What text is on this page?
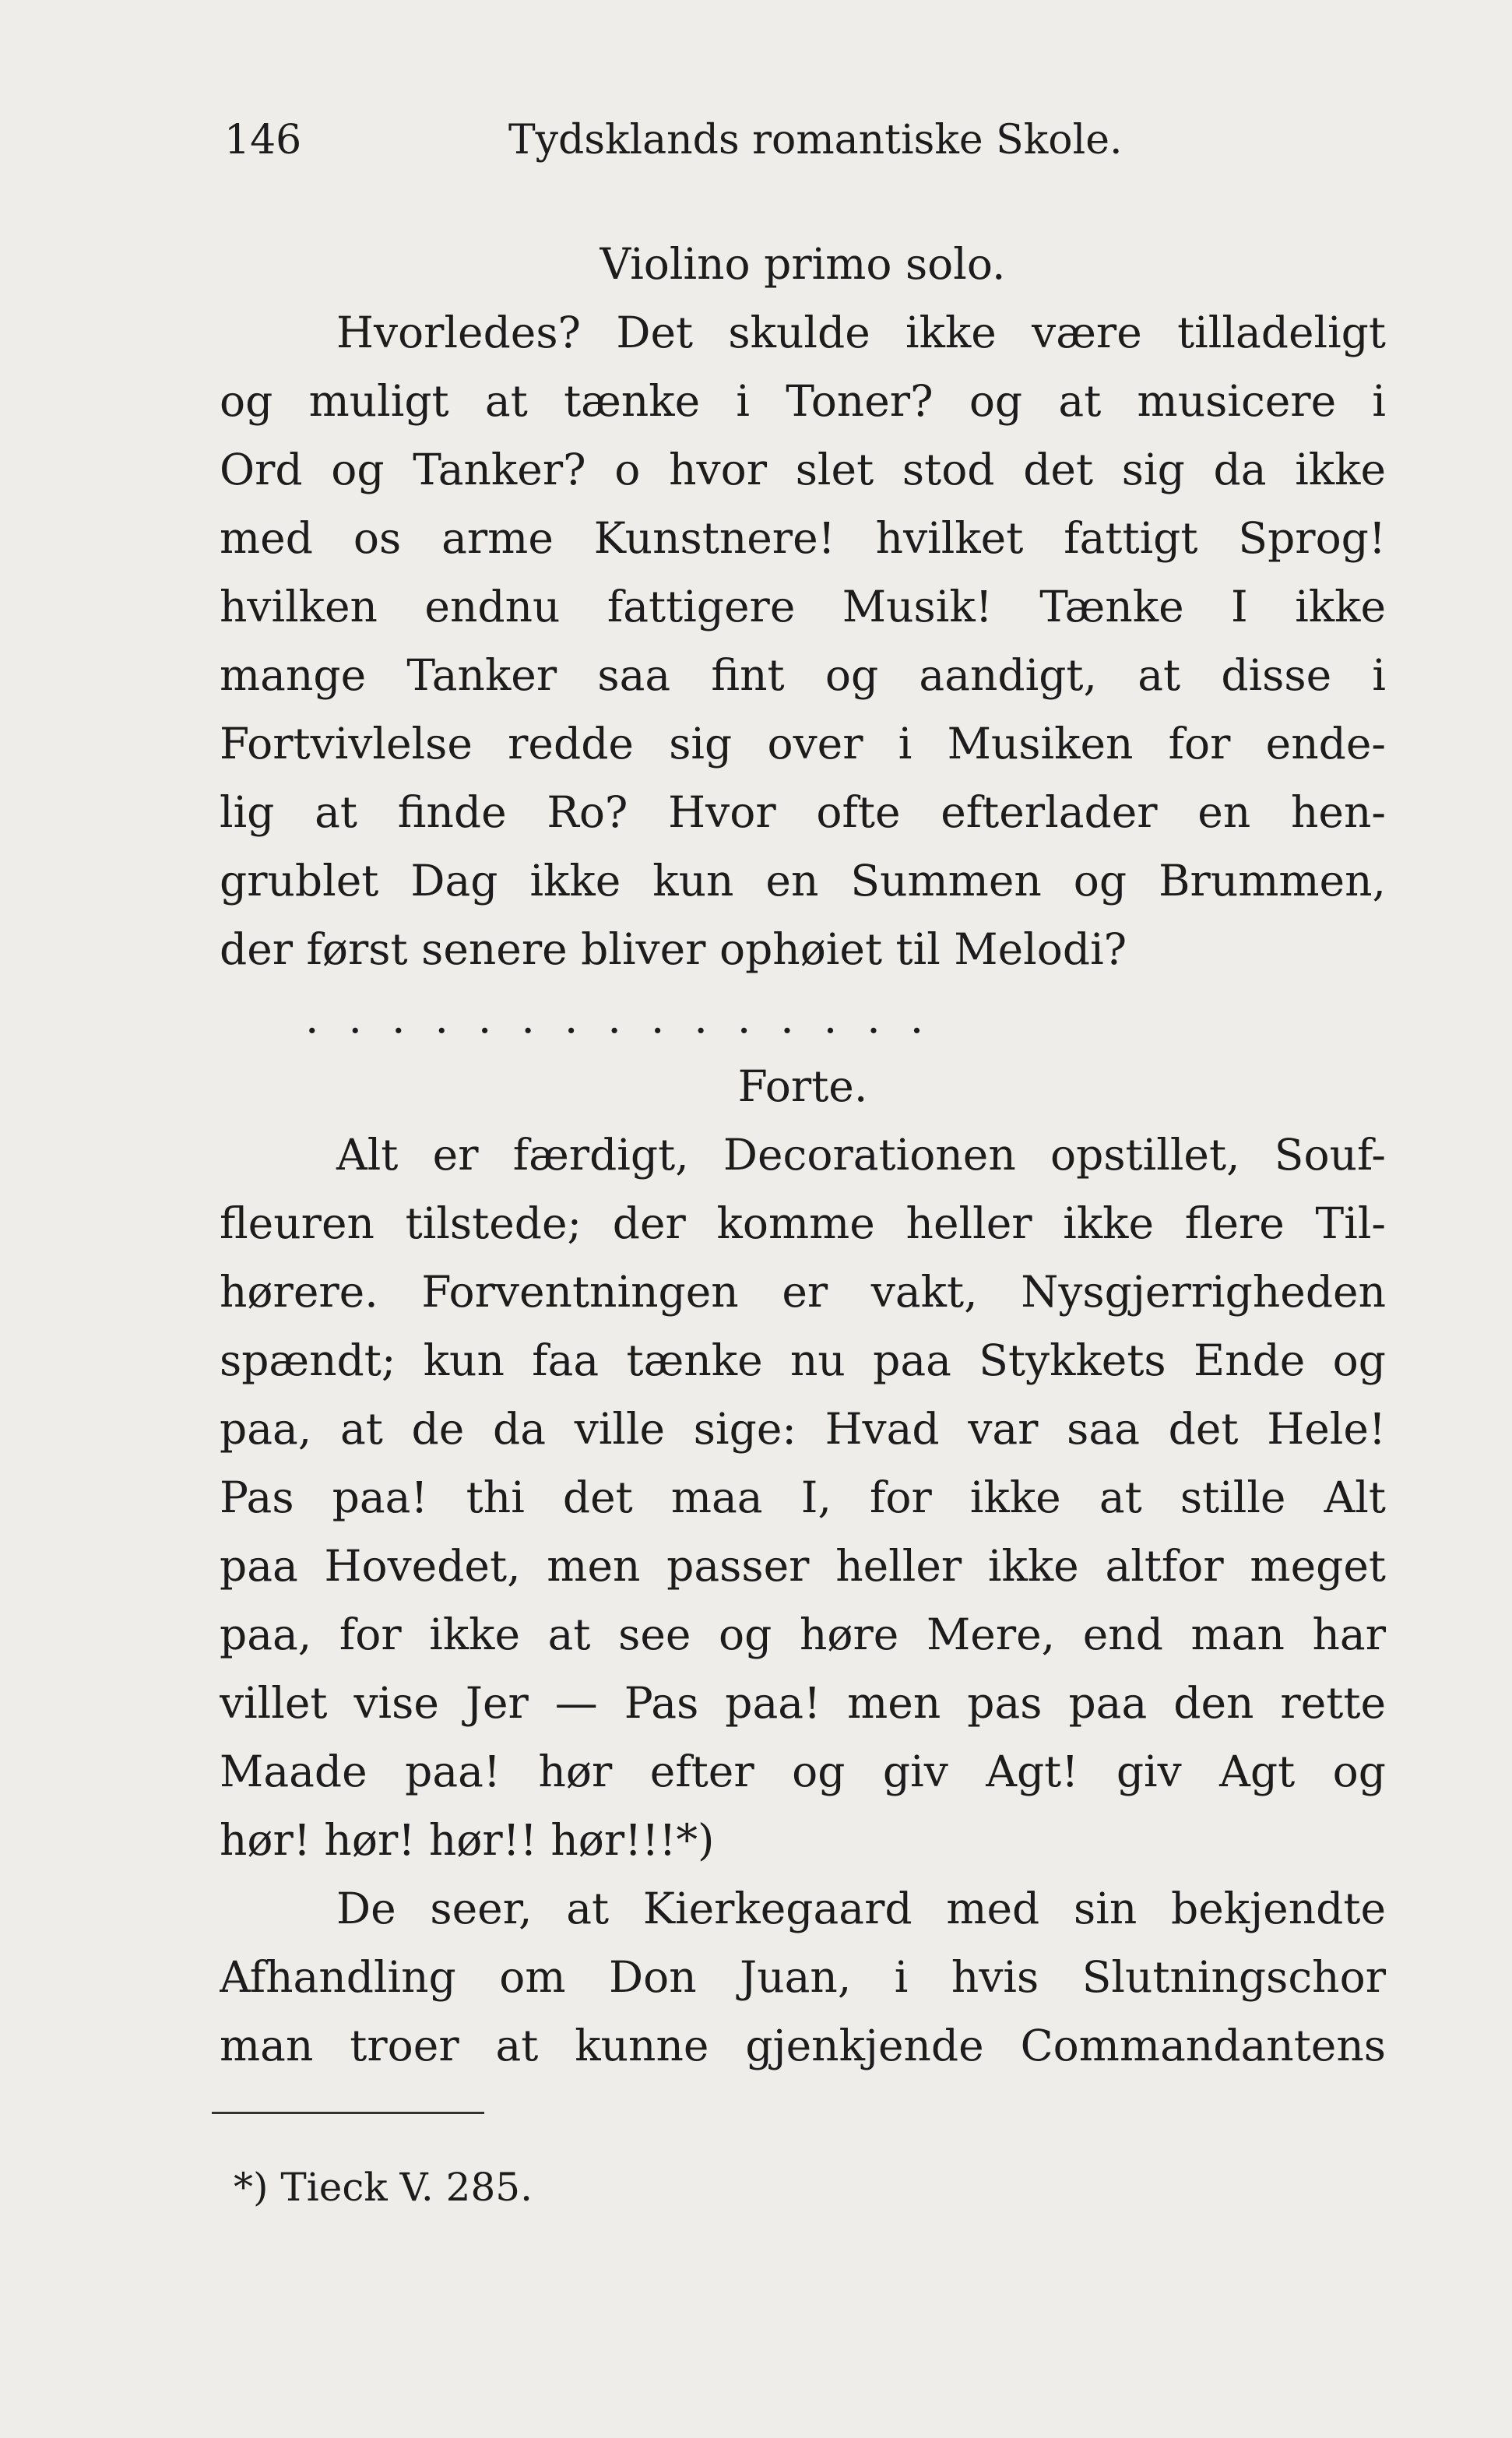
146	Tydsklands romantiske Skole.
Violino primo solo.
Hvorledes? Det skulde ikke være tilladeligt
og muligt at tænke i Toner? og at musicere i
Ord og Tanker? o hvor slet stod det sig da ikke
med os arme Kunstnere! hvilket fattigt Sprog!
hvilken endnu fattigere Musik! Tænke I ikke
mange Tanker saa fint og aandigt, at disse i
Fortvivlelse redde sig over i Musiken for ende-
lig at finde Ro? Hvor ofte efterlader en hen-
grublet Dag ikke kun en Summen og Brummen,
der først senere bliver ophøiet til Melodi?
...............
Forte.
Alt er færdigt, Decorationen opstillet, Souf-
fleuren tilstede; der komme heller ikke flere Til-
hørere. Forventningen er vakt, Nysgjerrigheden
spændt; kun faa tænke nu paa Stykkets Ende og
paa, at de da ville sige: Hvad var saa det Hele!
Pas paa! thi det maa I, for ikke at stille Alt
paa Hovedet, men passer heller ikke altfor meget
paa, for ikke at see og høre Mere, end man har
villet vise Jer — Pas paa! men pas paa den rette
Maade paa! hør efter og giv Agt! giv Agt og
hør! hør! hør!! hør!!!*)
De seer, at Kierkegaard med sin bekjendte
Afhandling om Don Juan, i hvis Slutningschor
man troer at kunne gjenkjende Commandantens
*) Tieck V. 285.
